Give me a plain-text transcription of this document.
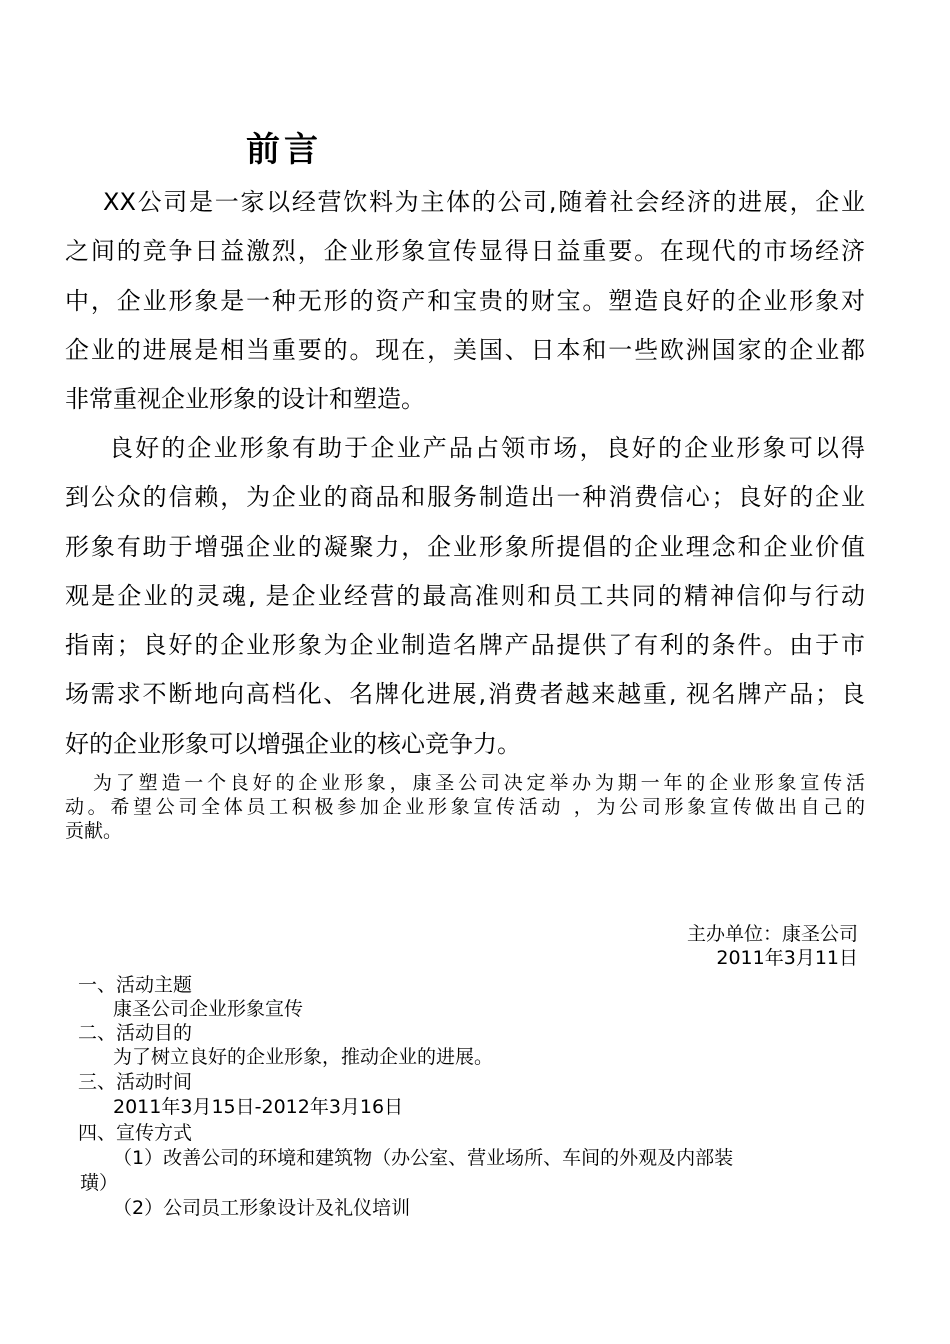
前言
XX公司是一家以经营饮料为主体的公司,随着社会经济的进展，企业
之间的竞争日益激烈，企业形象宣传显得日益重要。在现代的市场经济
中，企业形象是一种无形的资产和宝贵的财宝。塑造良好的企业形象对
企业的进展是相当重要的。现在，美国、日本和一些欧洲国家的企业都
非常重视企业形象的设计和塑造。
良好的企业形象有助于企业产品占领市场，良好的企业形象可以得
到公众的信赖，为企业的商品和服务制造出一种消费信心；良好的企业
形象有助于增强企业的凝聚力，企业形象所提倡的企业理念和企业价值
观是企业的灵魂, 是企业经营的最高准则和员工共同的精神信仰与行动
指南；良好的企业形象为企业制造名牌产品提供了有利的条件。由于市
场需求不断地向高档化、名牌化进展,消费者越来越重, 视名牌产品；良
好的企业形象可以增强企业的核心竞争力。
为了塑造一个良好的企业形象，康圣公司决定举办为期一年的企业形象宣传活
动。希望公司全体员工积极参加企业形象宣传活动 ，为公司形象宣传做出自己的
贡献。
主办单位：康圣公司
2011年3月11日
一、活动主题
康圣公司企业形象宣传
二、活动目的
为了树立良好的企业形象，推动企业的进展。
三、活动时间
2011年3月15日-2012年3月16日
四、宣传方式
（1）改善公司的环境和建筑物（办公室、营业场所、车间的外观及内部装
璜）
（2）公司员工形象设计及礼仪培训
